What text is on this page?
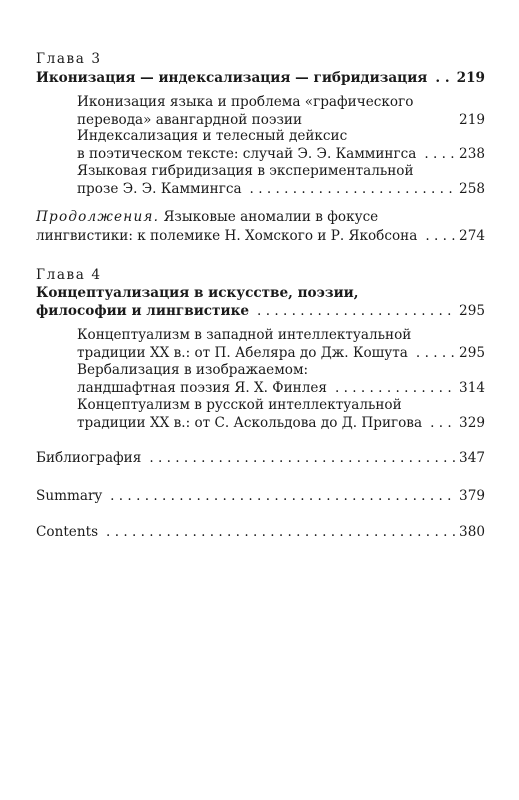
Глава 3
Иконизация — индексализация — гибридизация . . . 219
Иконизация языка и проблема «графического
перевода» авангардной поэзии	219
Индексализация и телесный дейксис
в поэтическом тексте: случай Э. Э. Каммингса . . .	238
Языковая гибридизация в экспериментальной
прозе Э. Э. Каммингса . . .	258
Продолжения. Языковые аномалии в фокусе
лингвистики: к полемике Н. Хомского и Р. Якобсона . . .	274
Глава 4
Концептуализация в искусстве, поэзии,
философии и лингвистике . . .	295
Концептуализм в западной интеллектуальной
традиции XX в.: от П. Абеляра до Дж. Кошута . . .	295
Вербализация в изображаемом:
ландшафтная поэзия Я. Х. Финлея . . .	314
Концептуализм в русской интеллектуальной
традиции XX в.: от С. Аскольдова до Д. Пригова . . .	329
Библиография . . .	347
Summary . . .	379
Contents . . .	380
